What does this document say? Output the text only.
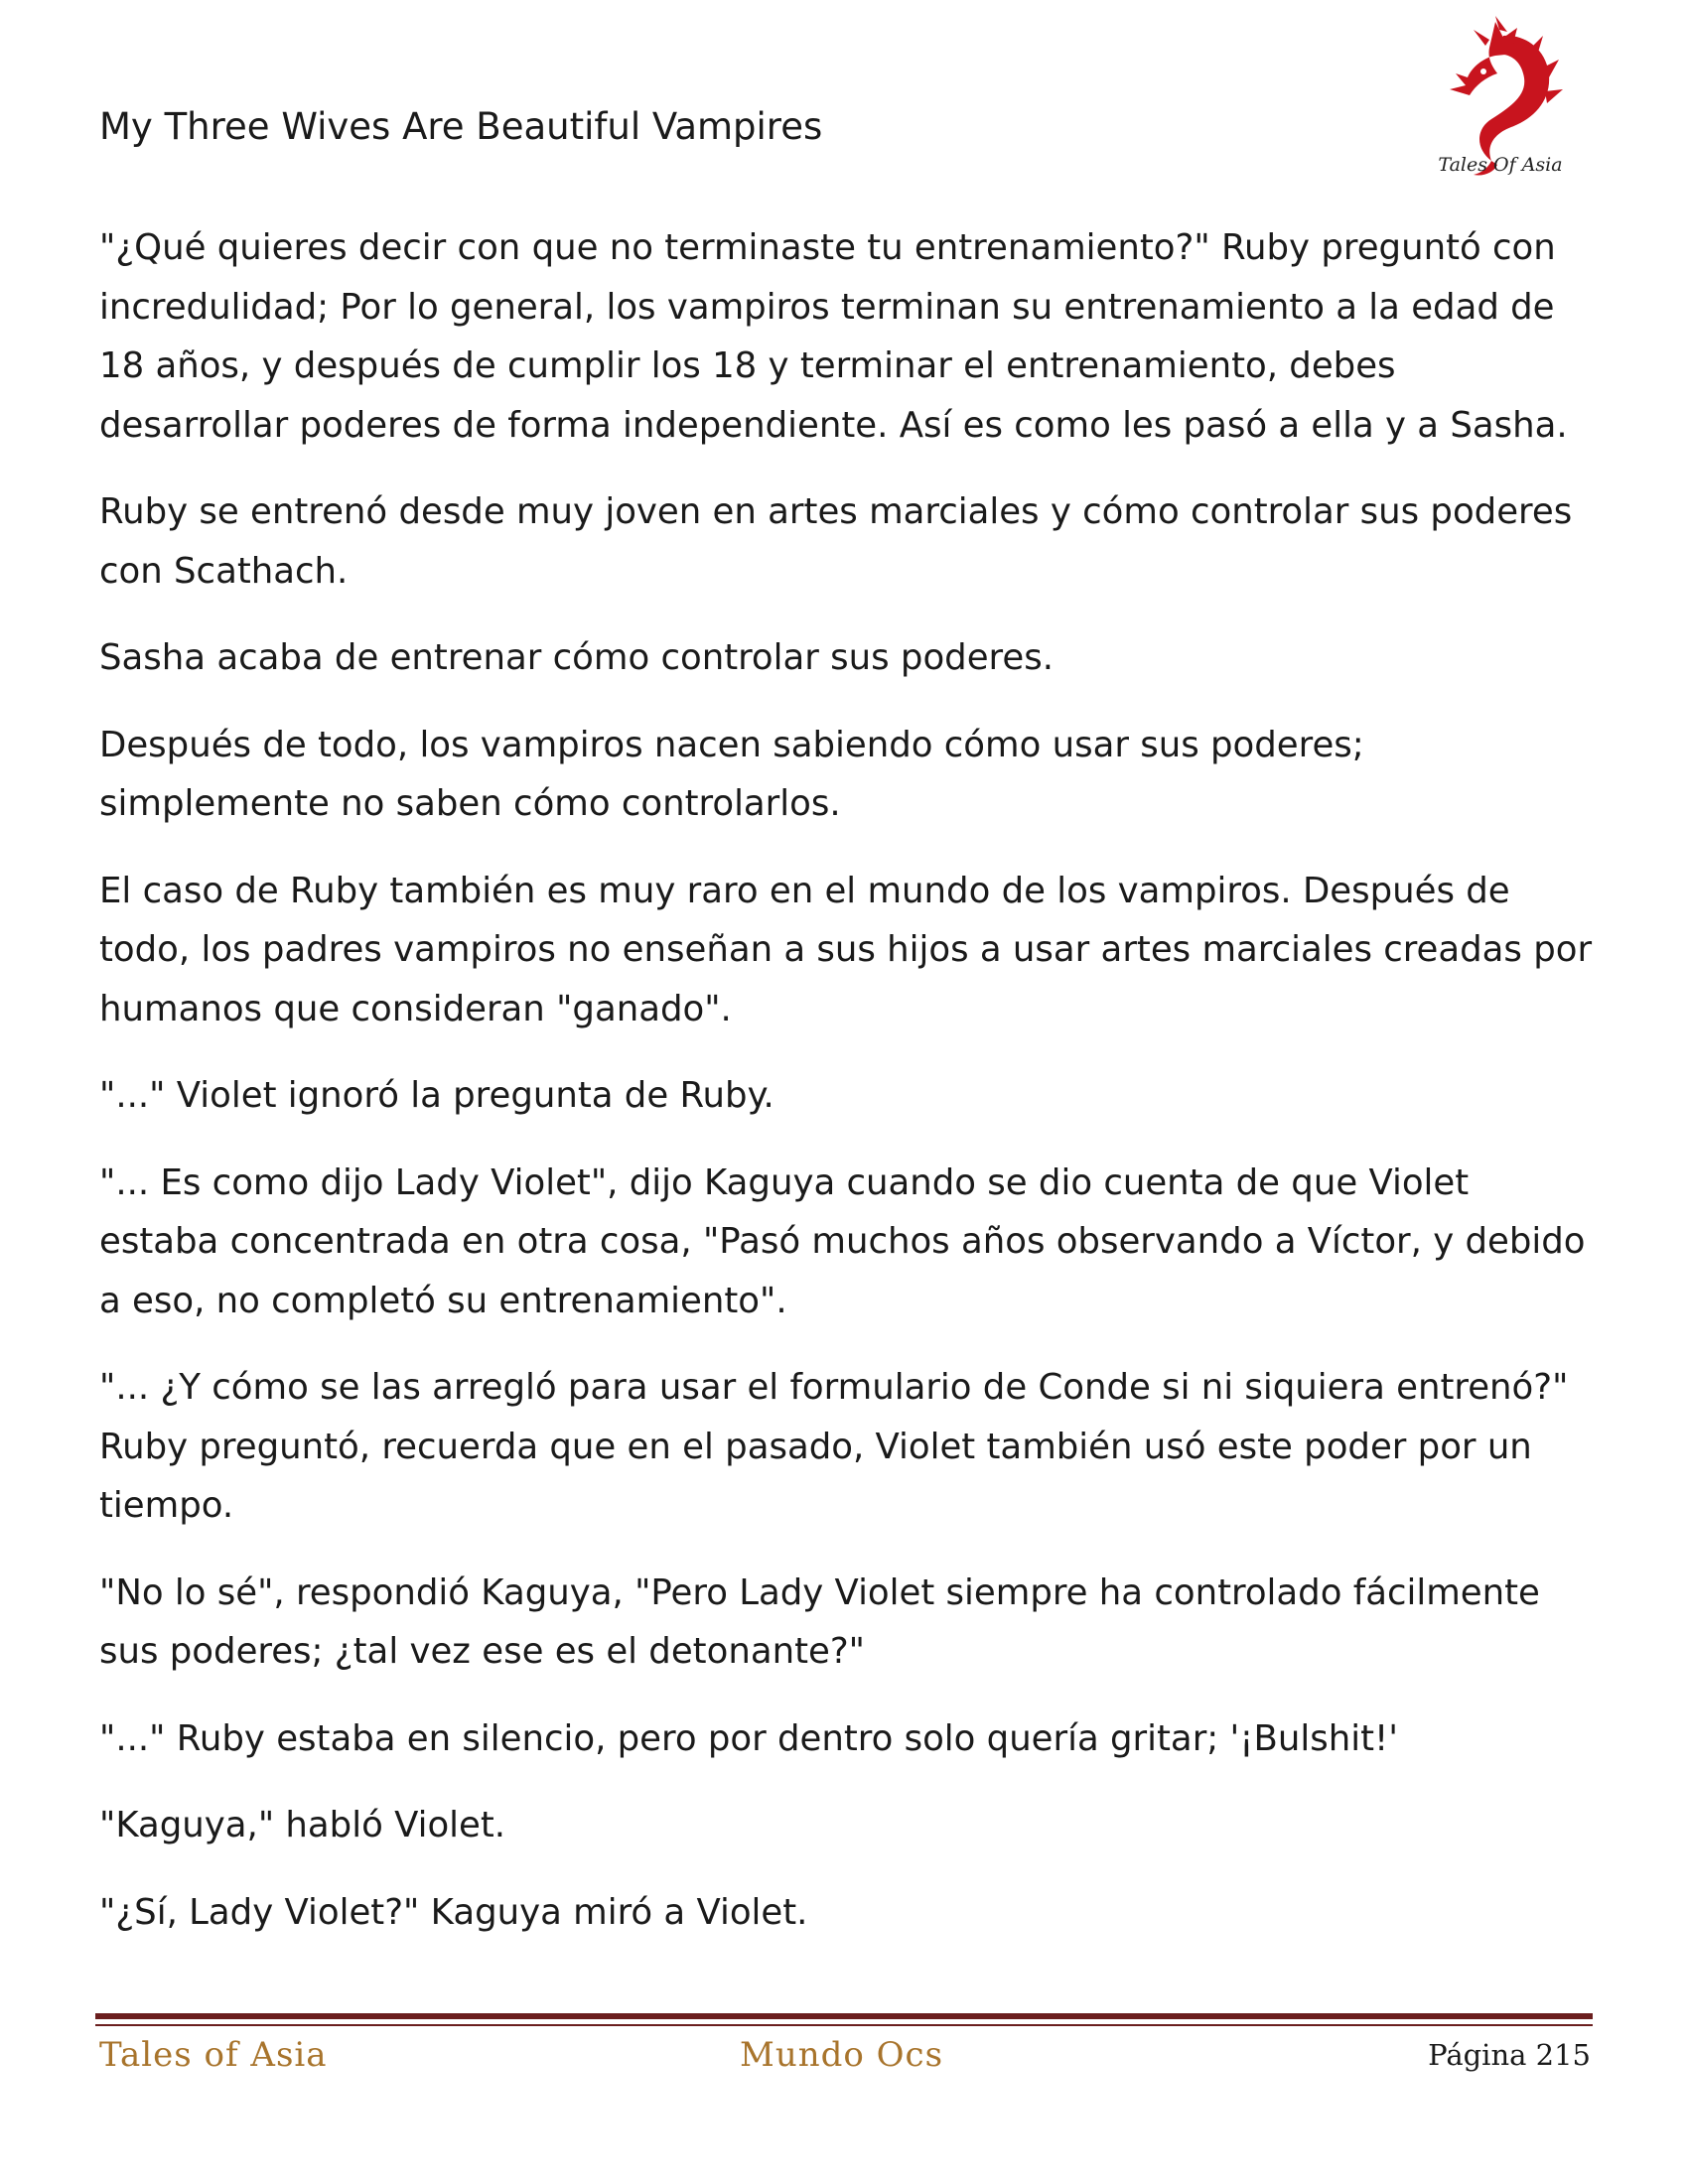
My Three Wives Are Beautiful Vampires
Tales Of Asia

"¿Qué quieres decir con que no terminaste tu entrenamiento?" Ruby preguntó con incredulidad; Por lo general, los vampiros terminan su entrenamiento a la edad de 18 años, y después de cumplir los 18 y terminar el entrenamiento, debes desarrollar poderes de forma independiente. Así es como les pasó a ella y a Sasha.

Ruby se entrenó desde muy joven en artes marciales y cómo controlar sus poderes con Scathach.

Sasha acaba de entrenar cómo controlar sus poderes.

Después de todo, los vampiros nacen sabiendo cómo usar sus poderes; simplemente no saben cómo controlarlos.

El caso de Ruby también es muy raro en el mundo de los vampiros. Después de todo, los padres vampiros no enseñan a sus hijos a usar artes marciales creadas por humanos que consideran "ganado".

"..." Violet ignoró la pregunta de Ruby.

"... Es como dijo Lady Violet", dijo Kaguya cuando se dio cuenta de que Violet estaba concentrada en otra cosa, "Pasó muchos años observando a Víctor, y debido a eso, no completó su entrenamiento".

"... ¿Y cómo se las arregló para usar el formulario de Conde si ni siquiera entrenó?" Ruby preguntó, recuerda que en el pasado, Violet también usó este poder por un tiempo.

"No lo sé", respondió Kaguya, "Pero Lady Violet siempre ha controlado fácilmente sus poderes; ¿tal vez ese es el detonante?"

"..." Ruby estaba en silencio, pero por dentro solo quería gritar; '¡Bulshit!'

"Kaguya," habló Violet.

"¿Sí, Lady Violet?" Kaguya miró a Violet.

Tales of Asia	Mundo Ocs	Página 215
